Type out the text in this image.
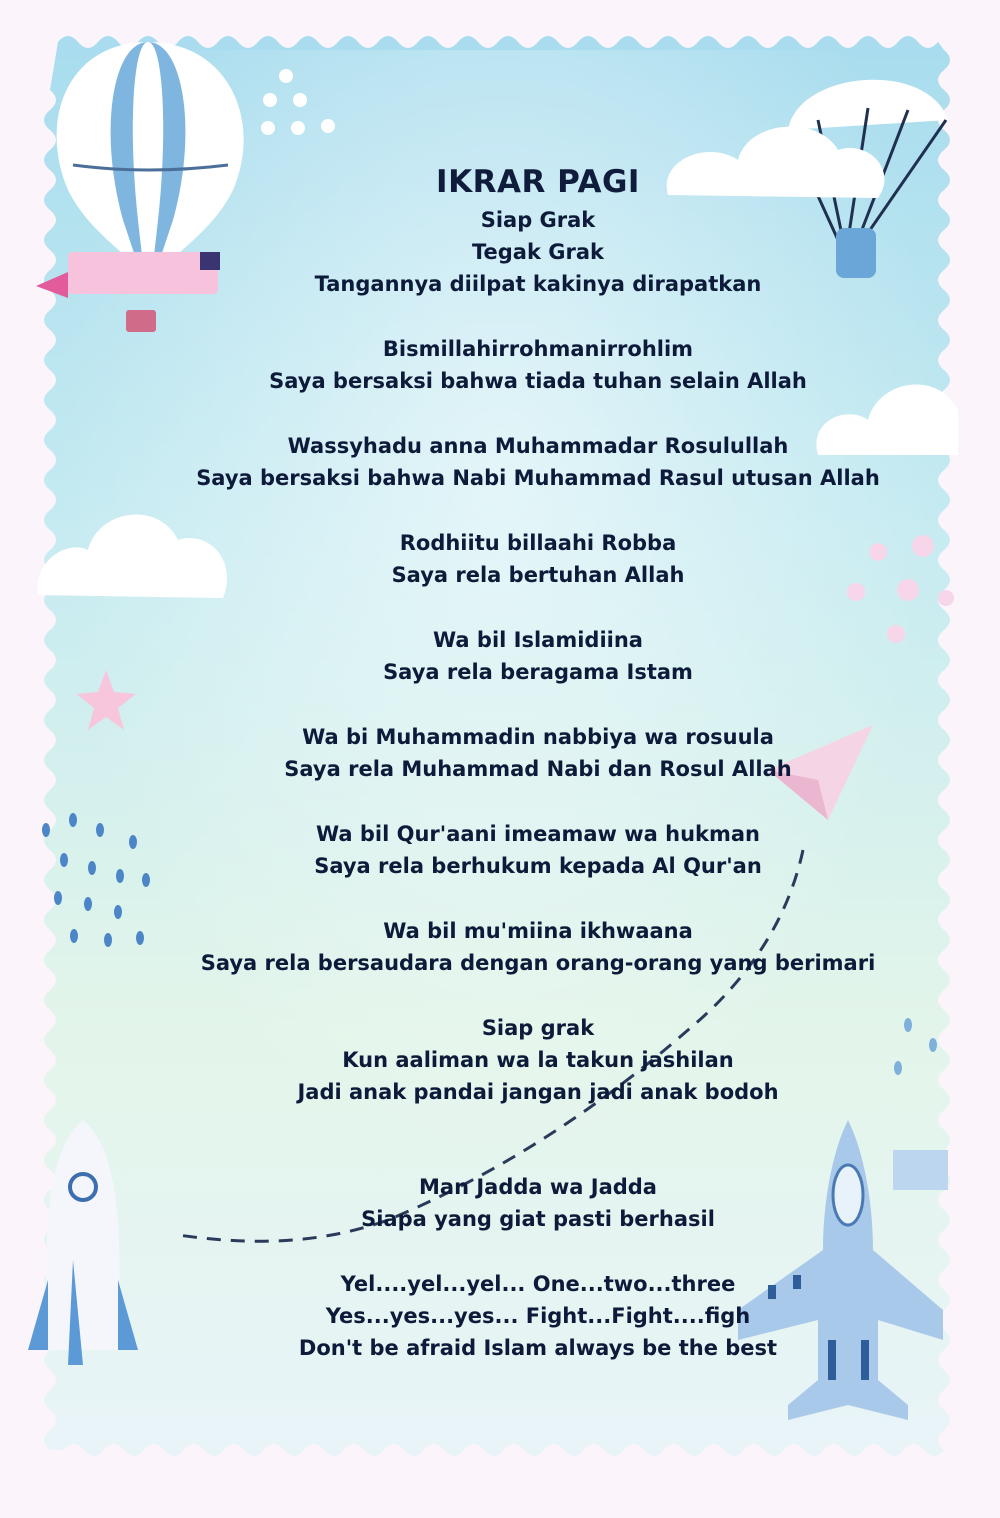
IKRAR PAGI
Siap Grak
Tegak Grak
Tangannya diilpat kakinya dirapatkan
Bismillahirrohmanirrohlim
Saya bersaksi bahwa tiada tuhan selain Allah
Wassyhadu anna Muhammadar Rosulullah
Saya bersaksi bahwa Nabi Muhammad Rasul utusan Allah
Rodhiitu billaahi Robba
Saya rela bertuhan Allah
Wa bil Islamidiina
Saya rela beragama Istam
Wa bi Muhammadin nabbiya wa rosuula
Saya rela Muhammad Nabi dan Rosul Allah
Wa bil Qur'aani imeamaw wa hukman
Saya rela berhukum kepada Al Qur'an
Wa bil mu'miina ikhwaana
Saya rela bersaudara dengan orang-orang yang berimari
Siap grak
Kun aaliman wa la takun jashilan
Jadi anak pandai jangan jadi anak bodoh
Man Jadda wa Jadda
Siapa yang giat pasti berhasil
Yel....yel...yel... One...two...three
Yes...yes...yes... Fight...Fight....figh
Don't be afraid Islam always be the best
